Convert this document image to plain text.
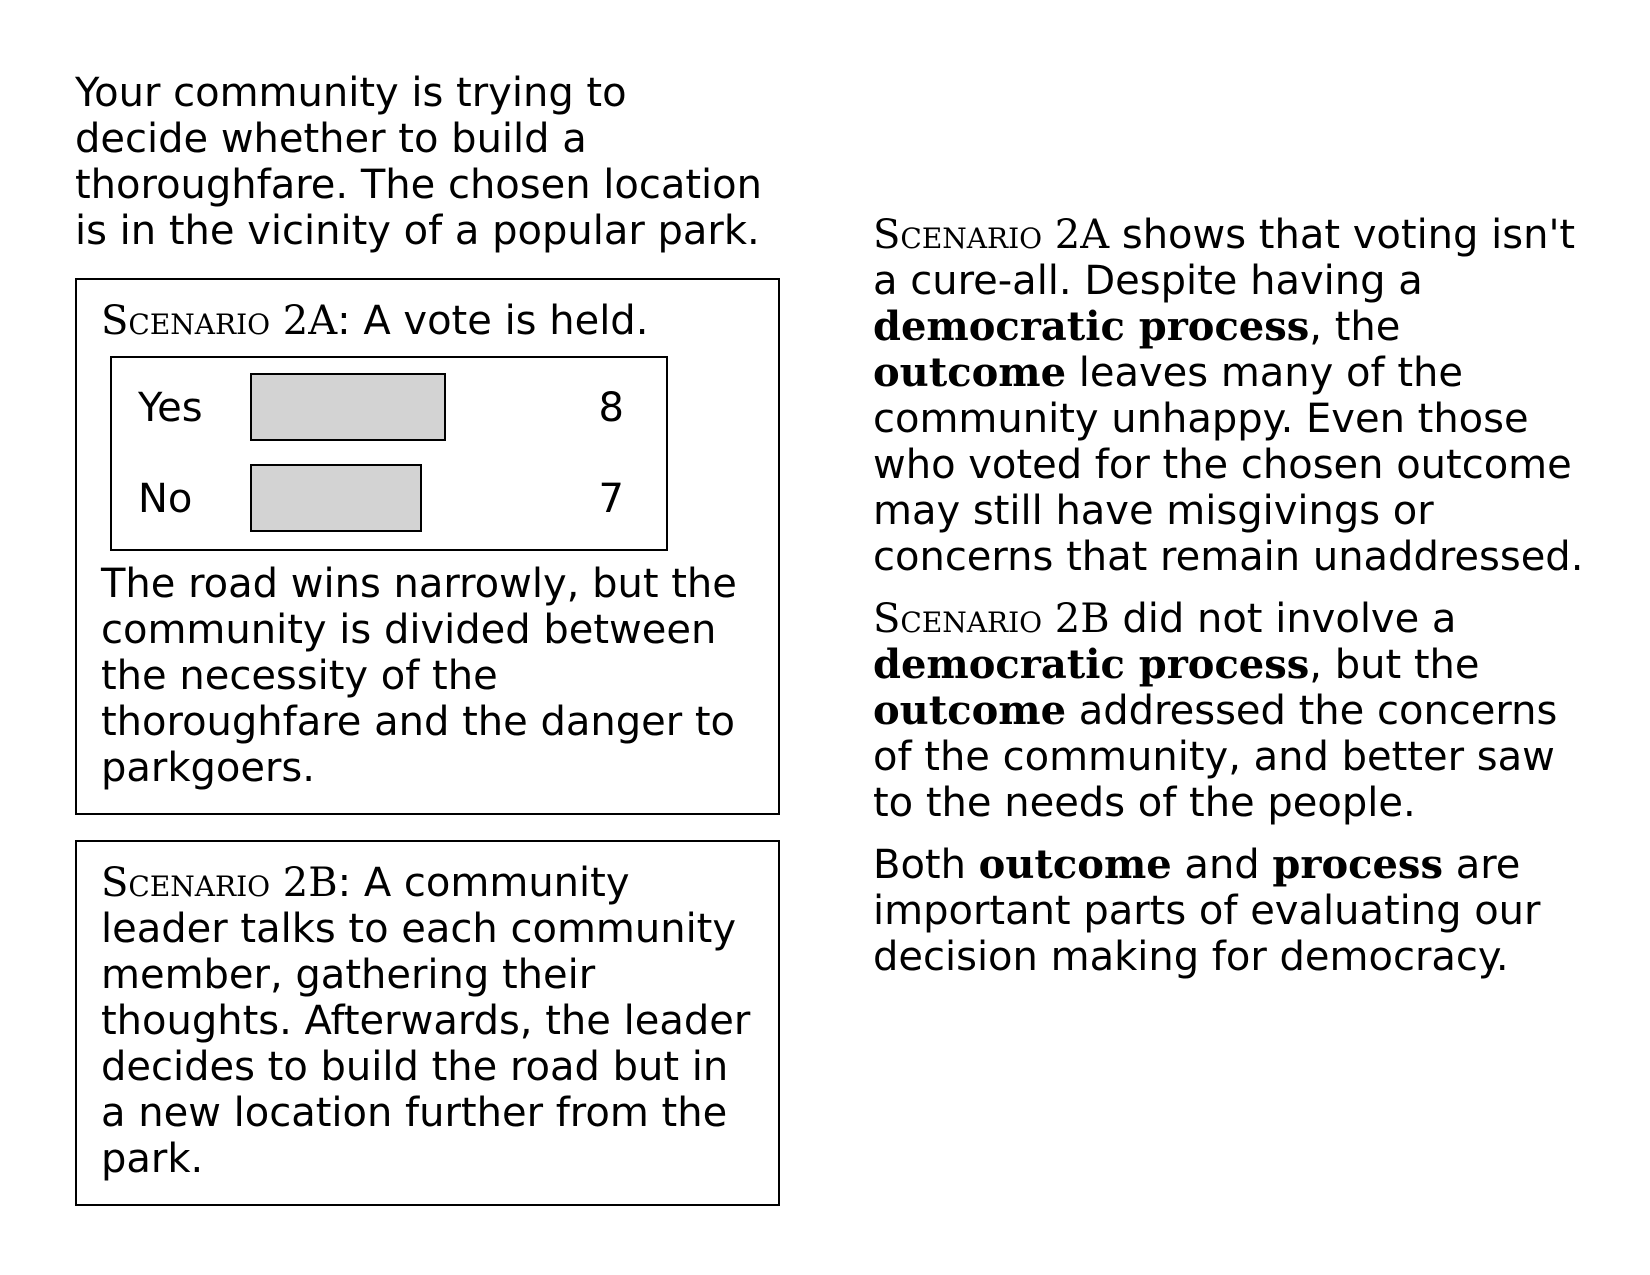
Your community is trying to decide whether to build a thoroughfare. The chosen location is in the vicinity of a popular park.

Scenario 2A: A vote is held.
Yes	8
No	7

The road wins narrowly, but the community is divided between the necessity of the thoroughfare and the danger to parkgoers.

Scenario 2B: A community leader talks to each community member, gathering their thoughts. Afterwards, the leader decides to build the road but in a new location further from the park.

Scenario 2A shows that voting isn't a cure-all. Despite having a democratic process, the outcome leaves many of the community unhappy. Even those who voted for the chosen outcome may still have misgivings or concerns that remain unaddressed.

Scenario 2B did not involve a democratic process, but the outcome addressed the concerns of the community, and better saw to the needs of the people.

Both outcome and process are important parts of evaluating our decision making for democracy.
